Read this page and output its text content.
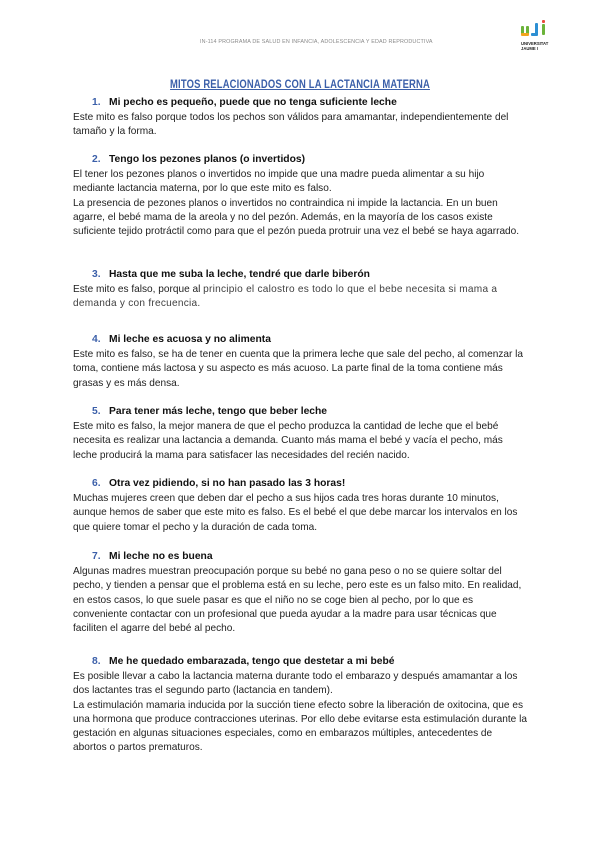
IN-114 PROGRAMA DE SALUD EN INFANCIA, ADOLESCENCIA Y EDAD REPRODUCTIVA	UNIVERSITAT
JAUME I
MITOS RELACIONADOS CON LA LACTANCIA MATERNA
1. Mi pecho es pequeño, puede que no tenga suficiente leche

Este mito es falso porque todos los pechos son válidos para amamantar, independientemente del tamaño y la forma.

2. Tengo los pezones planos (o invertidos)

El tener los pezones planos o invertidos no impide que una madre pueda alimentar a su hijo mediante lactancia materna, por lo que este mito es falso.

La presencia de pezones planos o invertidos no contraindica ni impide la lactancia. En un buen agarre, el bebé mama de la areola y no del pezón. Además, en la mayoría de los casos existe suficiente tejido protráctil como para que el pezón pueda protruir una vez el bebé se haya agarrado.

3. Hasta que me suba la leche, tendré que darle biberón

Este mito es falso, porque al principio el calostro es todo lo que el bebe necesita si mama a demanda y con frecuencia.

4. Mi leche es acuosa y no alimenta

Este mito es falso, se ha de tener en cuenta que la primera leche que sale del pecho, al comenzar la toma, contiene más lactosa y su aspecto es más acuoso. La parte final de la toma contiene más grasas y es más densa.

5. Para tener más leche, tengo que beber leche

Este mito es falso, la mejor manera de que el pecho produzca la cantidad de leche que el bebé necesita es realizar una lactancia a demanda. Cuanto más mama el bebé y vacía el pecho, más leche producirá la mama para satisfacer las necesidades del recién nacido.

6. Otra vez pidiendo, si no han pasado las 3 horas!

Muchas mujeres creen que deben dar el pecho a sus hijos cada tres horas durante 10 minutos, aunque hemos de saber que este mito es falso. Es el bebé el que debe marcar los intervalos en los que quiere tomar el pecho y la duración de cada toma.

7. Mi leche no es buena

Algunas madres muestran preocupación porque su bebé no gana peso o no se quiere soltar del pecho, y tienden a pensar que el problema está en su leche, pero este es un falso mito. En realidad, en estos casos, lo que suele pasar es que el niño no se coge bien al pecho, por lo que es conveniente contactar con un profesional que pueda ayudar a la madre para usar técnicas que faciliten el agarre del bebé al pecho.

8. Me he quedado embarazada, tengo que destetar a mi bebé

Es posible llevar a cabo la lactancia materna durante todo el embarazo y después amamantar a los dos lactantes tras el segundo parto (lactancia en tandem).

La estimulación mamaria inducida por la succión tiene efecto sobre la liberación de oxitocina, que es una hormona que produce contracciones uterinas. Por ello debe evitarse esta estimulación durante la gestación en algunas situaciones especiales, como en embarazos múltiples, antecedentes de abortos o partos prematuros.
